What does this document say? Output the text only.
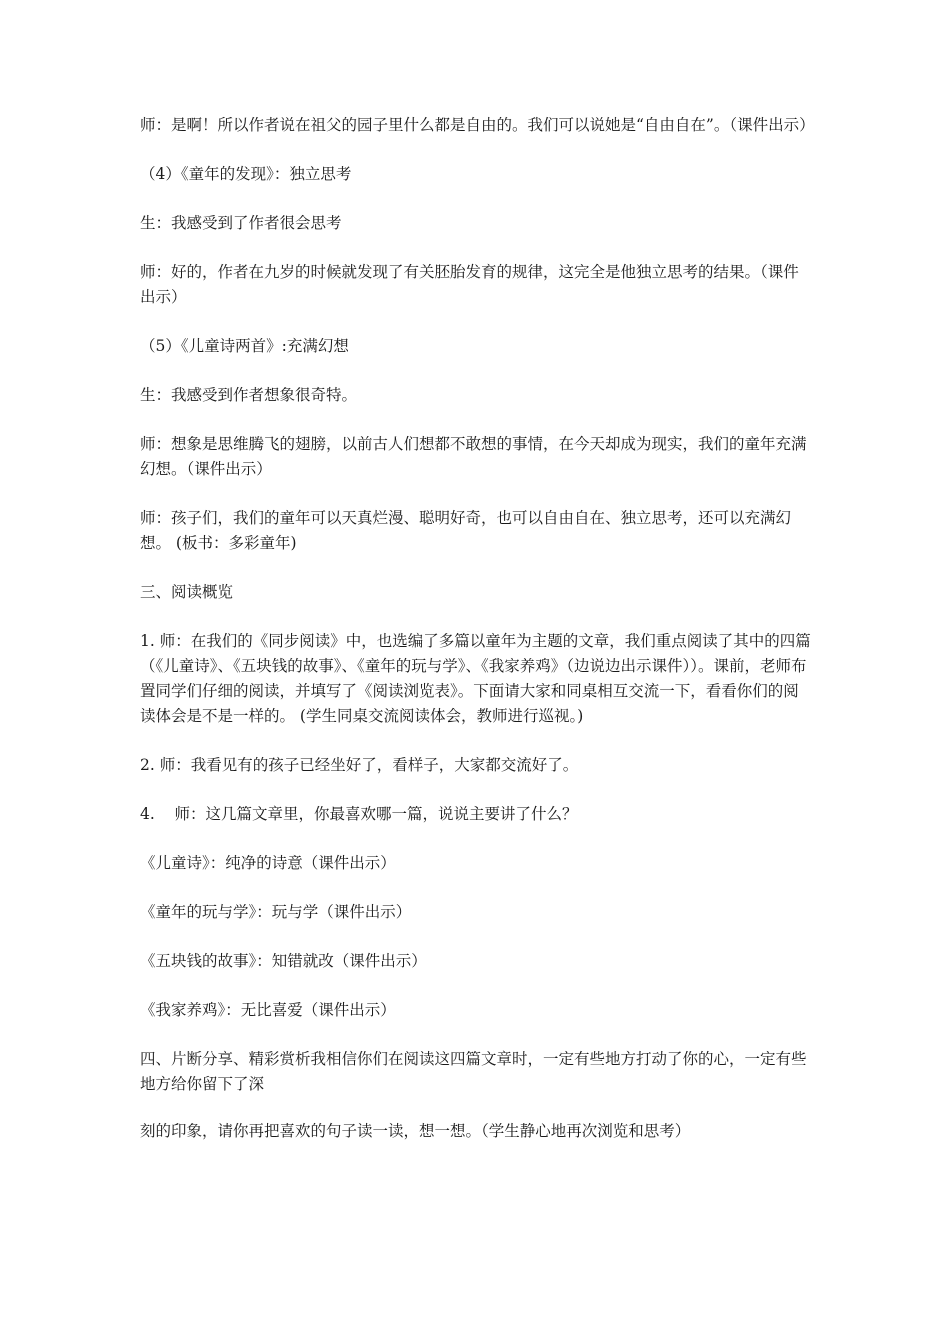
师：是啊！所以作者说在祖父的园子里什么都是自由的。我们可以说她是“自由自在”。（课件出示）

（4）《童年的发现》：独立思考

生：我感受到了作者很会思考

师：好的，作者在九岁的时候就发现了有关胚胎发育的规律，这完全是他独立思考的结果。（课件出示）

（5）《儿童诗两首》:充满幻想

生：我感受到作者想象很奇特。

师：想象是思维腾飞的翅膀，以前古人们想都不敢想的事情，在今天却成为现实，我们的童年充满幻想。（课件出示）

师：孩子们，我们的童年可以天真烂漫、聪明好奇，也可以自由自在、独立思考，还可以充满幻想。 (板书：多彩童年)

三、阅读概览

1. 师：在我们的《同步阅读》中，也选编了多篇以童年为主题的文章，我们重点阅读了其中的四篇（《儿童诗》、《五块钱的故事》、《童年的玩与学》、《我家养鸡》（边说边出示课件））。课前，老师布置同学们仔细的阅读，并填写了《阅读浏览表》。下面请大家和同桌相互交流一下，看看你们的阅读体会是不是一样的。 (学生同桌交流阅读体会，教师进行巡视。)

2. 师：我看见有的孩子已经坐好了，看样子，大家都交流好了。

4.    师：这几篇文章里，你最喜欢哪一篇，说说主要讲了什么？

《儿童诗》：纯净的诗意（课件出示）

《童年的玩与学》：玩与学（课件出示）

《五块钱的故事》：知错就改（课件出示）

《我家养鸡》：无比喜爱（课件出示）

四、片断分享、精彩赏析我相信你们在阅读这四篇文章时，一定有些地方打动了你的心，一定有些地方给你留下了深

刻的印象，请你再把喜欢的句子读一读，想一想。（学生静心地再次浏览和思考）
